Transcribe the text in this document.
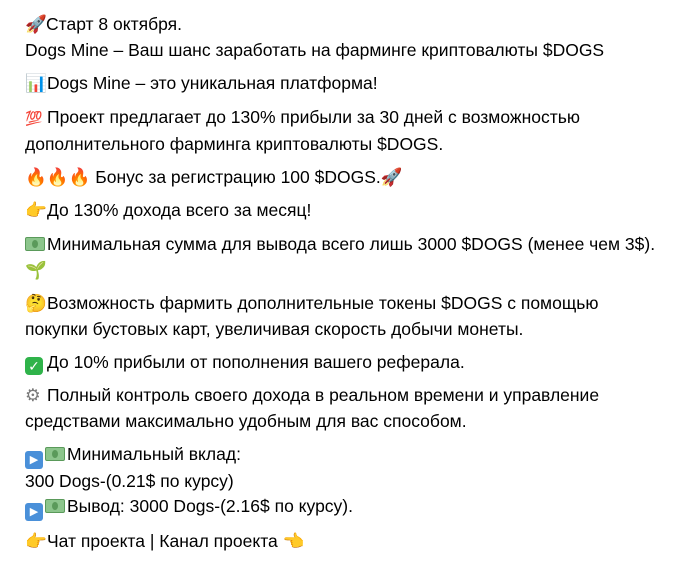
🚀Старт 8 октября.
Dogs Mine – Ваш шанс заработать на фарминге криптовалюты $DOGS
📊Dogs Mine – это уникальная платформа!
💯 Проект предлагает до 130% прибыли за 30 дней с возможностью
дополнительного фарминга криптовалюты $DOGS.
🔥🔥🔥 Бонус за регистрацию 100 $DOGS.🚀
👉До 130% дохода всего за месяц!
Минимальная сумма для вывода всего лишь 3000 $DOGS (менее чем 3$).
🌱
🤔Возможность фармить дополнительные токены $DOGS с помощью
покупки бустовых карт, увеличивая скорость добычи монеты.
✓ До 10% прибыли от пополнения вашего реферала.
⚙ Полный контроль своего дохода в реальном времени и управление
средствами максимально удобным для вас способом.
▶ Минимальный вклад:
300 Dogs-(0.21$ по курсу)
▶ Вывод: 3000 Dogs-(2.16$ по курсу).
👉Чат проекта | Канал проекта 👈
